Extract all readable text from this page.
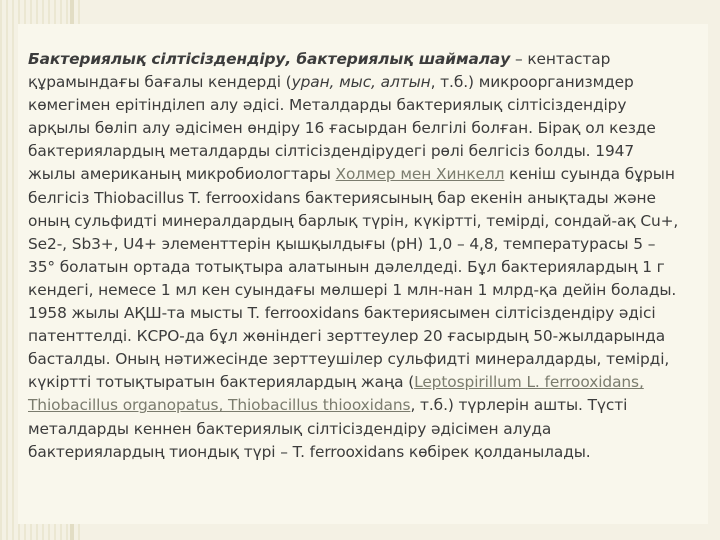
Бактериялық сілтісіздендіру, бактериялық шаймалау – кентастар
құрамындағы бағалы кендерді (уран, мыс, алтын, т.б.) микроорганизмдер
көмегімен ерітінділеп алу әдісі. Металдарды бактериялық сілтісіздендіру
арқылы бөліп алу әдісімен өндіру 16 ғасырдан белгілі болған. Бірақ ол кезде
бактериялардың металдарды сілтісіздендірудегі рөлі белгісіз болды. 1947
жылы американың микробиологтары Холмер мен Хинкелл кеніш суында бұрын
белгісіз Thiobacillus T. ferrooxidans бактериясының бар екенін анықтады және
оның сульфидті минералдардың барлық түрін, күкіртті, темірді, сондай-ақ Cu+,
Se2-, Sb3+, U4+ элементтерін қышқылдығы (pH) 1,0 – 4,8, температурасы 5 –
35° болатын ортада тотықтыра алатынын дәлелдеді. Бұл бактериялардың 1 г
кендегі, немесе 1 мл кен суындағы мөлшері 1 млн-нан 1 млрд-қа дейін болады.
1958 жылы АҚШ-та мысты T. ferrooxidans бактериясымен сілтісіздендіру әдісі
патенттелді. КСРО-да бұл жөніндегі зерттеулер 20 ғасырдың 50-жылдарында
басталды. Оның нәтижесінде зерттеушілер сульфидті минералдарды, темірді,
күкіртті тотықтыратын бактериялардың жаңа (Leptospirillum L. ferrooxidans,
Thiobacillus organopatus, Thiobacillus thiooxidans, т.б.) түрлерін ашты. Түсті
металдарды кеннен бактериялық сілтісіздендіру әдісімен алуда
бактериялардың тиондық түрі – T. ferrooxidans көбірек қолданылады.
